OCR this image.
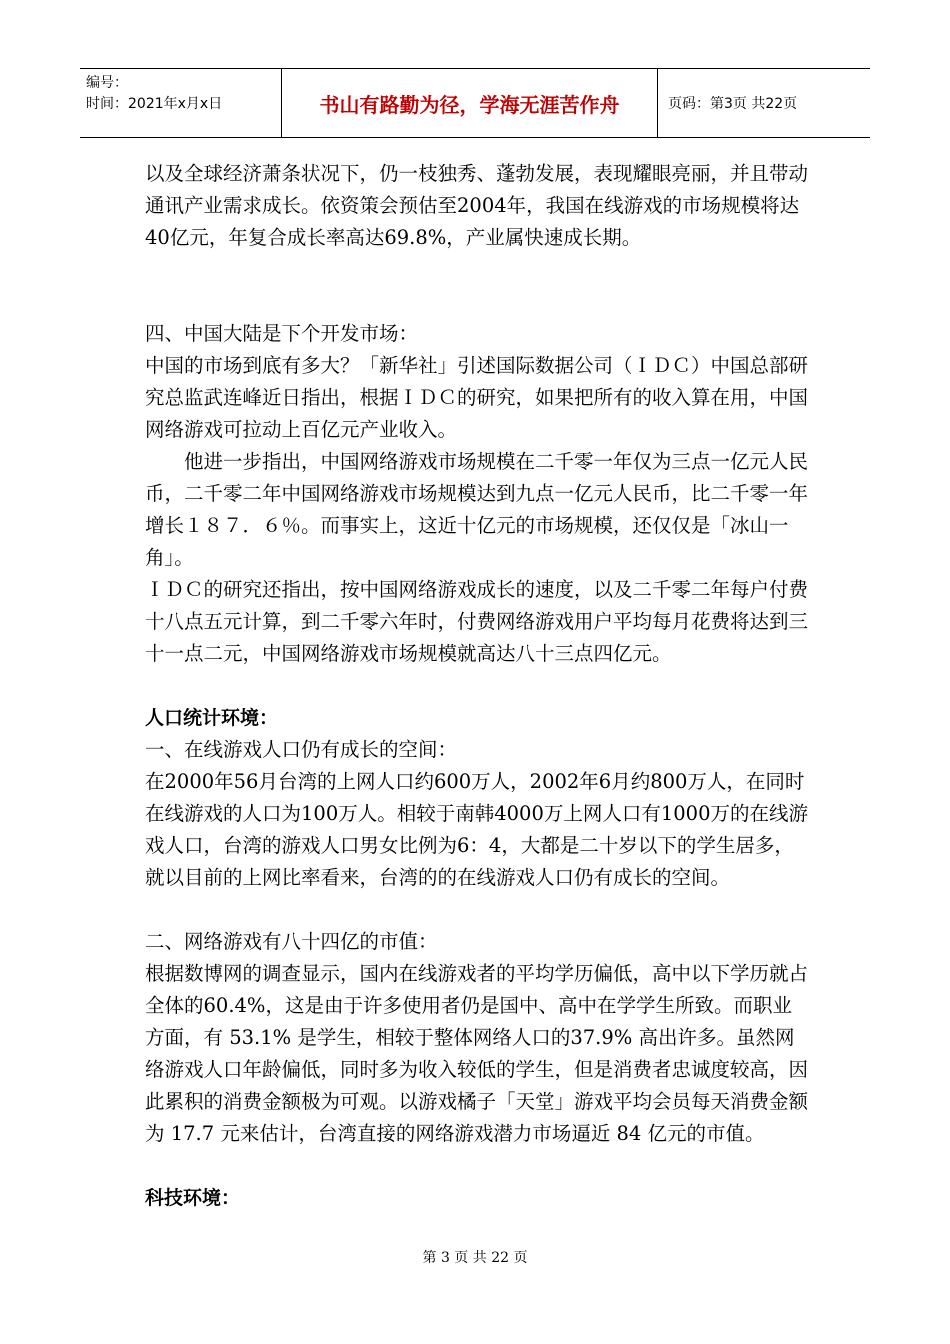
编号：
时间：2021年x月x日	书山有路勤为径，学海无涯苦作舟	页码：第3页 共22页

以及全球经济萧条状况下，仍一枝独秀、蓬勃发展，表现耀眼亮丽，并且带动通讯产业需求成长。依资策会预估至2004年，我国在线游戏的市场规模将达40亿元，年复合成长率高达69.8%，产业属快速成长期。

四、中国大陆是下个开发市场：

中国的市场到底有多大？「新华社」引述国际数据公司（ＩＤＣ）中国总部研究总监武连峰近日指出，根据ＩＤＣ的研究，如果把所有的收入算在用，中国网络游戏可拉动上百亿元产业收入。

他进一步指出，中国网络游戏市场规模在二千零一年仅为三点一亿元人民币，二千零二年中国网络游戏市场规模达到九点一亿元人民币，比二千零一年增长１８７．６％。而事实上，这近十亿元的市场规模，还仅仅是「冰山一角」。

ＩＤＣ的研究还指出，按中国网络游戏成长的速度，以及二千零二年每户付费十八点五元计算，到二千零六年时，付费网络游戏用户平均每月花费将达到三十一点二元，中国网络游戏市场规模就高达八十三点四亿元。

人口统计环境：

一、在线游戏人口仍有成长的空间：

在2000年56月台湾的上网人口约600万人，2002年6月约800万人，在同时在线游戏的人口为100万人。相较于南韩4000万上网人口有1000万的在线游戏人口，台湾的游戏人口男女比例为6：4，大都是二十岁以下的学生居多，就以目前的上网比率看来，台湾的的在线游戏人口仍有成长的空间。

二、网络游戏有八十四亿的市值：

根据数博网的调查显示，国内在线游戏者的平均学历偏低，高中以下学历就占全体的60.4%，这是由于许多使用者仍是国中、高中在学学生所致。而职业方面，有 53.1% 是学生，相较于整体网络人口的37.9% 高出许多。虽然网络游戏人口年龄偏低，同时多为收入较低的学生，但是消费者忠诚度较高，因此累积的消费金额极为可观。以游戏橘子「天堂」游戏平均会员每天消费金额为 17.7 元来估计，台湾直接的网络游戏潜力市场逼近 84 亿元的市值。

科技环境：

第 3 页 共 22 页
